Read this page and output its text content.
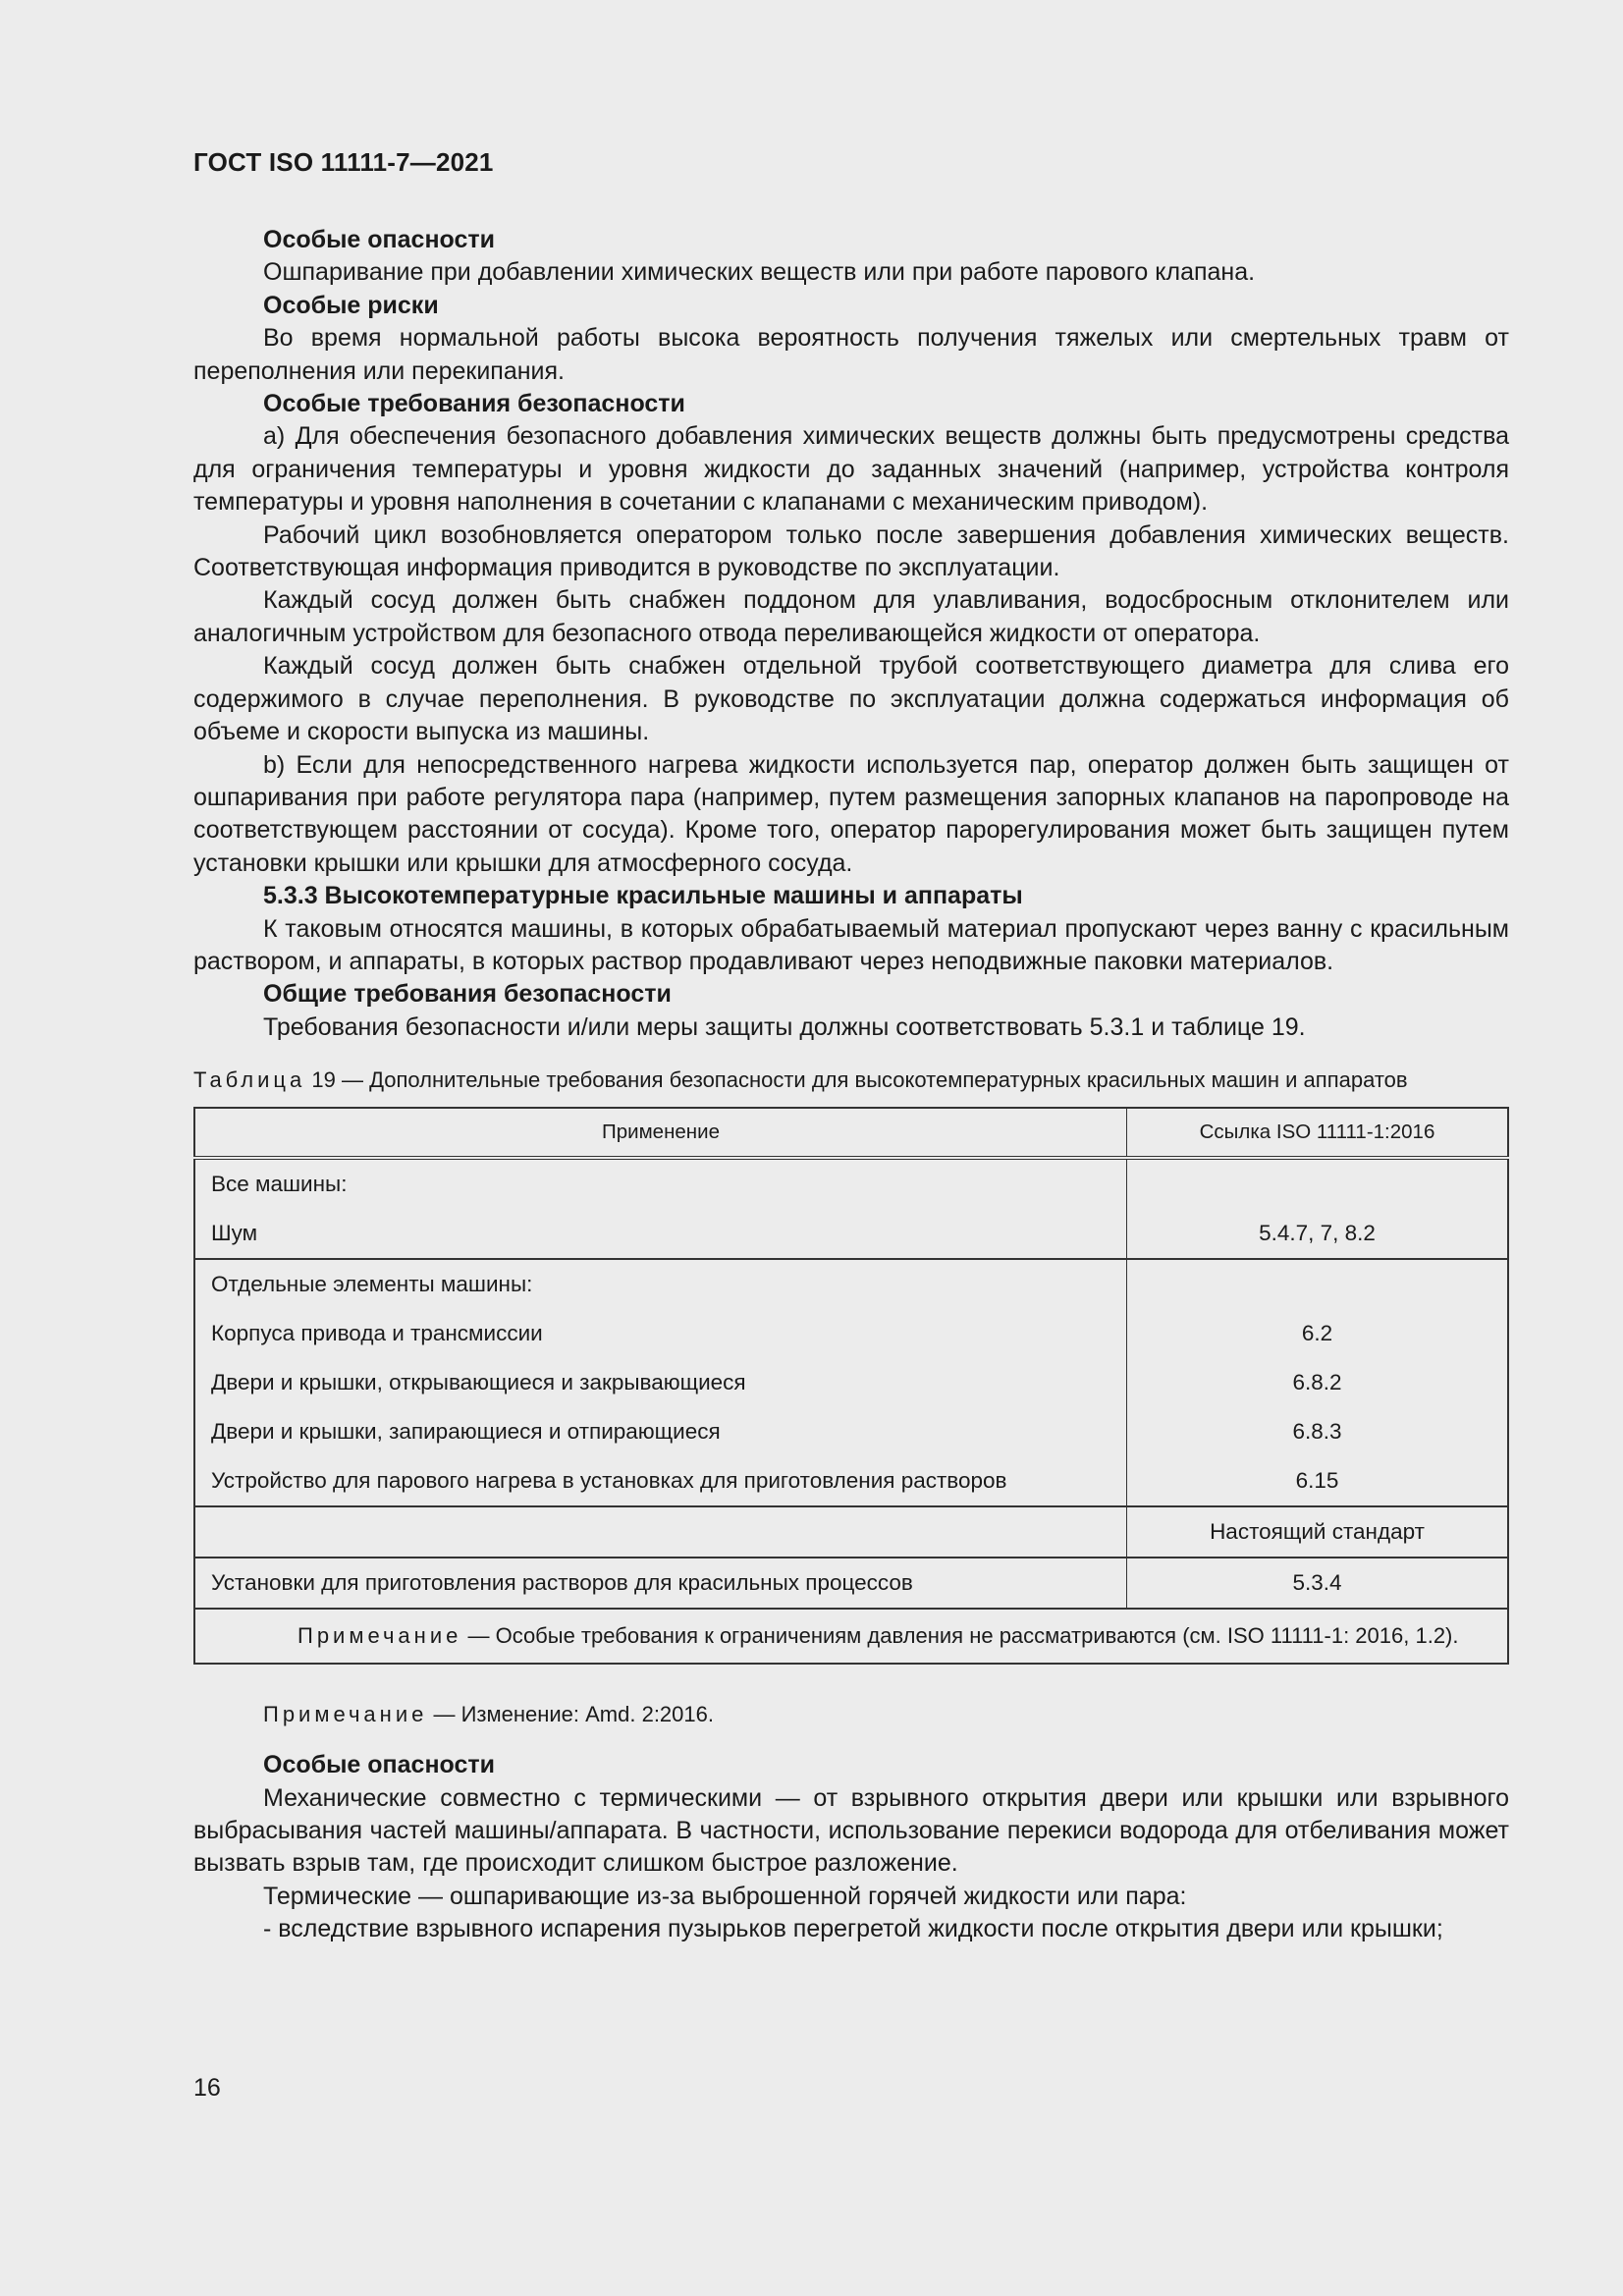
ГОСТ ISO 11111-7—2021

Особые опасности

Ошпаривание при добавлении химических веществ или при работе парового клапана.

Особые риски

Во время нормальной работы высока вероятность получения тяжелых или смертельных травм от переполнения или перекипания.

Особые требования безопасности

a) Для обеспечения безопасного добавления химических веществ должны быть предусмотрены средства для ограничения температуры и уровня жидкости до заданных значений (например, устройства контроля температуры и уровня наполнения в сочетании с клапанами с механическим приводом).

Рабочий цикл возобновляется оператором только после завершения добавления химических веществ. Соответствующая информация приводится в руководстве по эксплуатации.

Каждый сосуд должен быть снабжен поддоном для улавливания, водосбросным отклонителем или аналогичным устройством для безопасного отвода переливающейся жидкости от оператора.

Каждый сосуд должен быть снабжен отдельной трубой соответствующего диаметра для слива его содержимого в случае переполнения. В руководстве по эксплуатации должна содержаться информация об объеме и скорости выпуска из машины.

b) Если для непосредственного нагрева жидкости используется пар, оператор должен быть защищен от ошпаривания при работе регулятора пара (например, путем размещения запорных клапанов на паропроводе на соответствующем расстоянии от сосуда). Кроме того, оператор парорегулирования может быть защищен путем установки крышки или крышки для атмосферного сосуда.

5.3.3 Высокотемпературные красильные машины и аппараты

К таковым относятся машины, в которых обрабатываемый материал пропускают через ванну с красильным раствором, и аппараты, в которых раствор продавливают через неподвижные паковки материалов.

Общие требования безопасности

Требования безопасности и/или меры защиты должны соответствовать 5.3.1 и таблице 19.

Таблица 19 — Дополнительные требования безопасности для высокотемпературных красильных машин и аппаратов
Применение	Ссылка ISO 11111-1:2016
Все машины:	
Шум	5.4.7, 7, 8.2
Отдельные элементы машины:	
Корпуса привода и трансмиссии	6.2
Двери и крышки, открывающиеся и закрывающиеся	6.8.2
Двери и крышки, запирающиеся и отпирающиеся	6.8.3
Устройство для парового нагрева в установках для приготовления растворов	6.15
	Настоящий стандарт
Установки для приготовления растворов для красильных процессов	5.3.4
Примечание — Особые требования к ограничениям давления не рассматриваются (см. ISO 11111-1: 2016, 1.2).	
Примечание — Изменение: Amd. 2:2016.

Особые опасности

Механические совместно с термическими — от взрывного открытия двери или крышки или взрывного выбрасывания частей машины/аппарата. В частности, использование перекиси водорода для отбеливания может вызвать взрыв там, где происходит слишком быстрое разложение.

Термические — ошпаривающие из-за выброшенной горячей жидкости или пара:

- вследствие взрывного испарения пузырьков перегретой жидкости после открытия двери или крышки;

16
